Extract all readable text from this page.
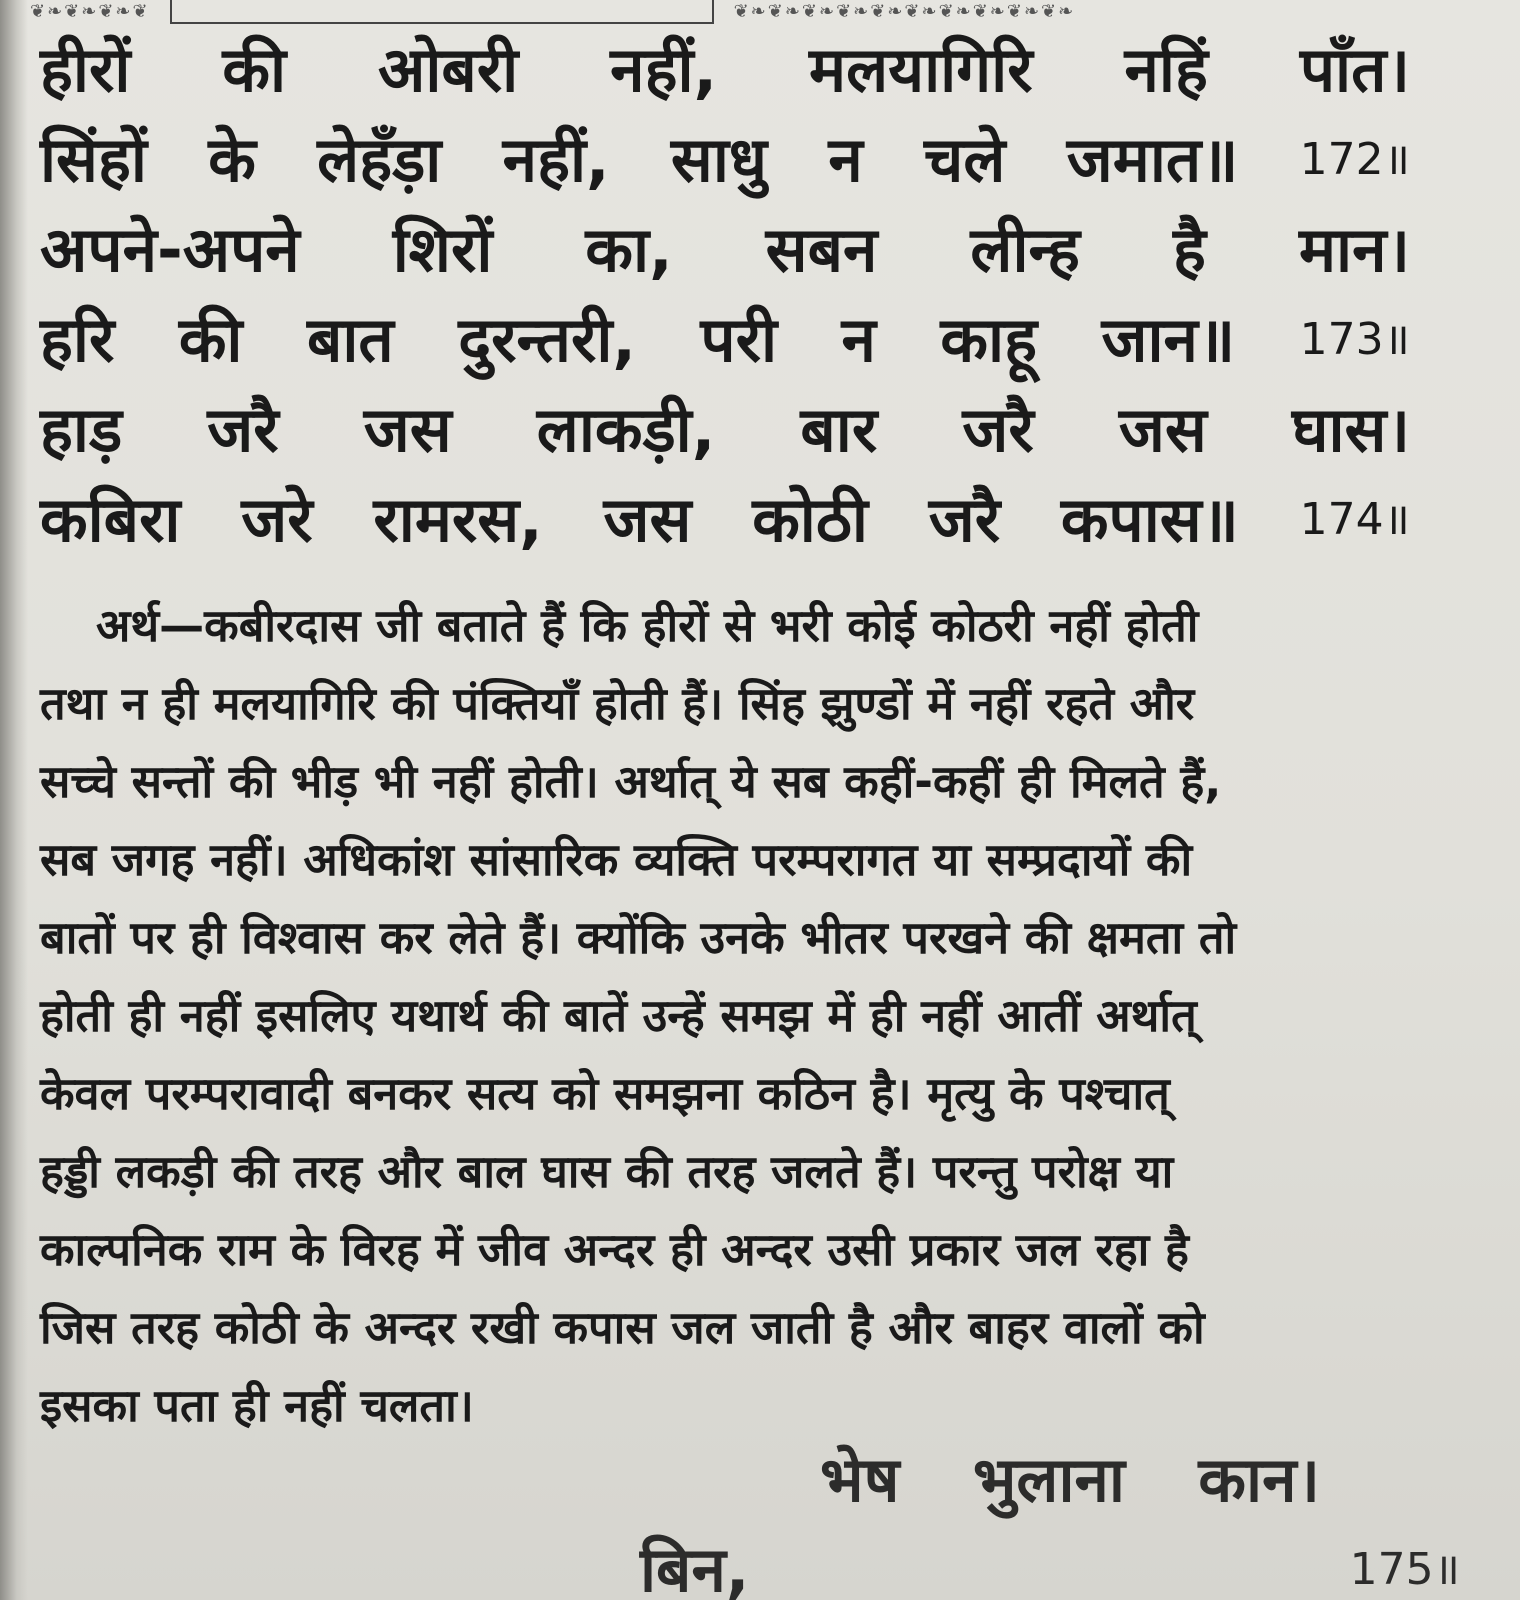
❦❧❦❧❦❧❦	❦❧❦❧❦❧❦❧❦❧❦❧❦❧❦❧❦❧❦❧
हीरों की ओबरी नहीं, मलयागिरि नहिं पाँत।
सिंहों के लेहँड़ा नहीं, साधु न चले जमात॥ 172॥
अपने-अपने शिरों का, सबन लीन्ह है मान।
हरि की बात दुरन्तरी, परी न काहू जान॥ 173॥
हाड़ जरै जस लाकड़ी, बार जरै जस घास।
कबिरा जरे रामरस, जस कोठी जरै कपास॥ 174॥
अर्थ—कबीरदास जी बताते हैं कि हीरों से भरी कोई कोठरी नहीं होती
तथा न ही मलयागिरि की पंक्तियाँ होती हैं। सिंह झुण्डों में नहीं रहते और
सच्चे सन्तों की भीड़ भी नहीं होती। अर्थात् ये सब कहीं-कहीं ही मिलते हैं,
सब जगह नहीं। अधिकांश सांसारिक व्यक्ति परम्परागत या सम्प्रदायों की
बातों पर ही विश्वास कर लेते हैं। क्योंकि उनके भीतर परखने की क्षमता तो
होती ही नहीं इसलिए यथार्थ की बातें उन्हें समझ में ही नहीं आतीं अर्थात्
केवल परम्परावादी बनकर सत्य को समझना कठिन है। मृत्यु के पश्चात्
हड्डी लकड़ी की तरह और बाल घास की तरह जलते हैं। परन्तु परोक्ष या
काल्पनिक राम के विरह में जीव अन्दर ही अन्दर उसी प्रकार जल रहा है
जिस तरह कोठी के अन्दर रखी कपास जल जाती है और बाहर वालों को
इसका पता ही नहीं चलता।
भेष भुलाना कान।
बिन,	175॥
